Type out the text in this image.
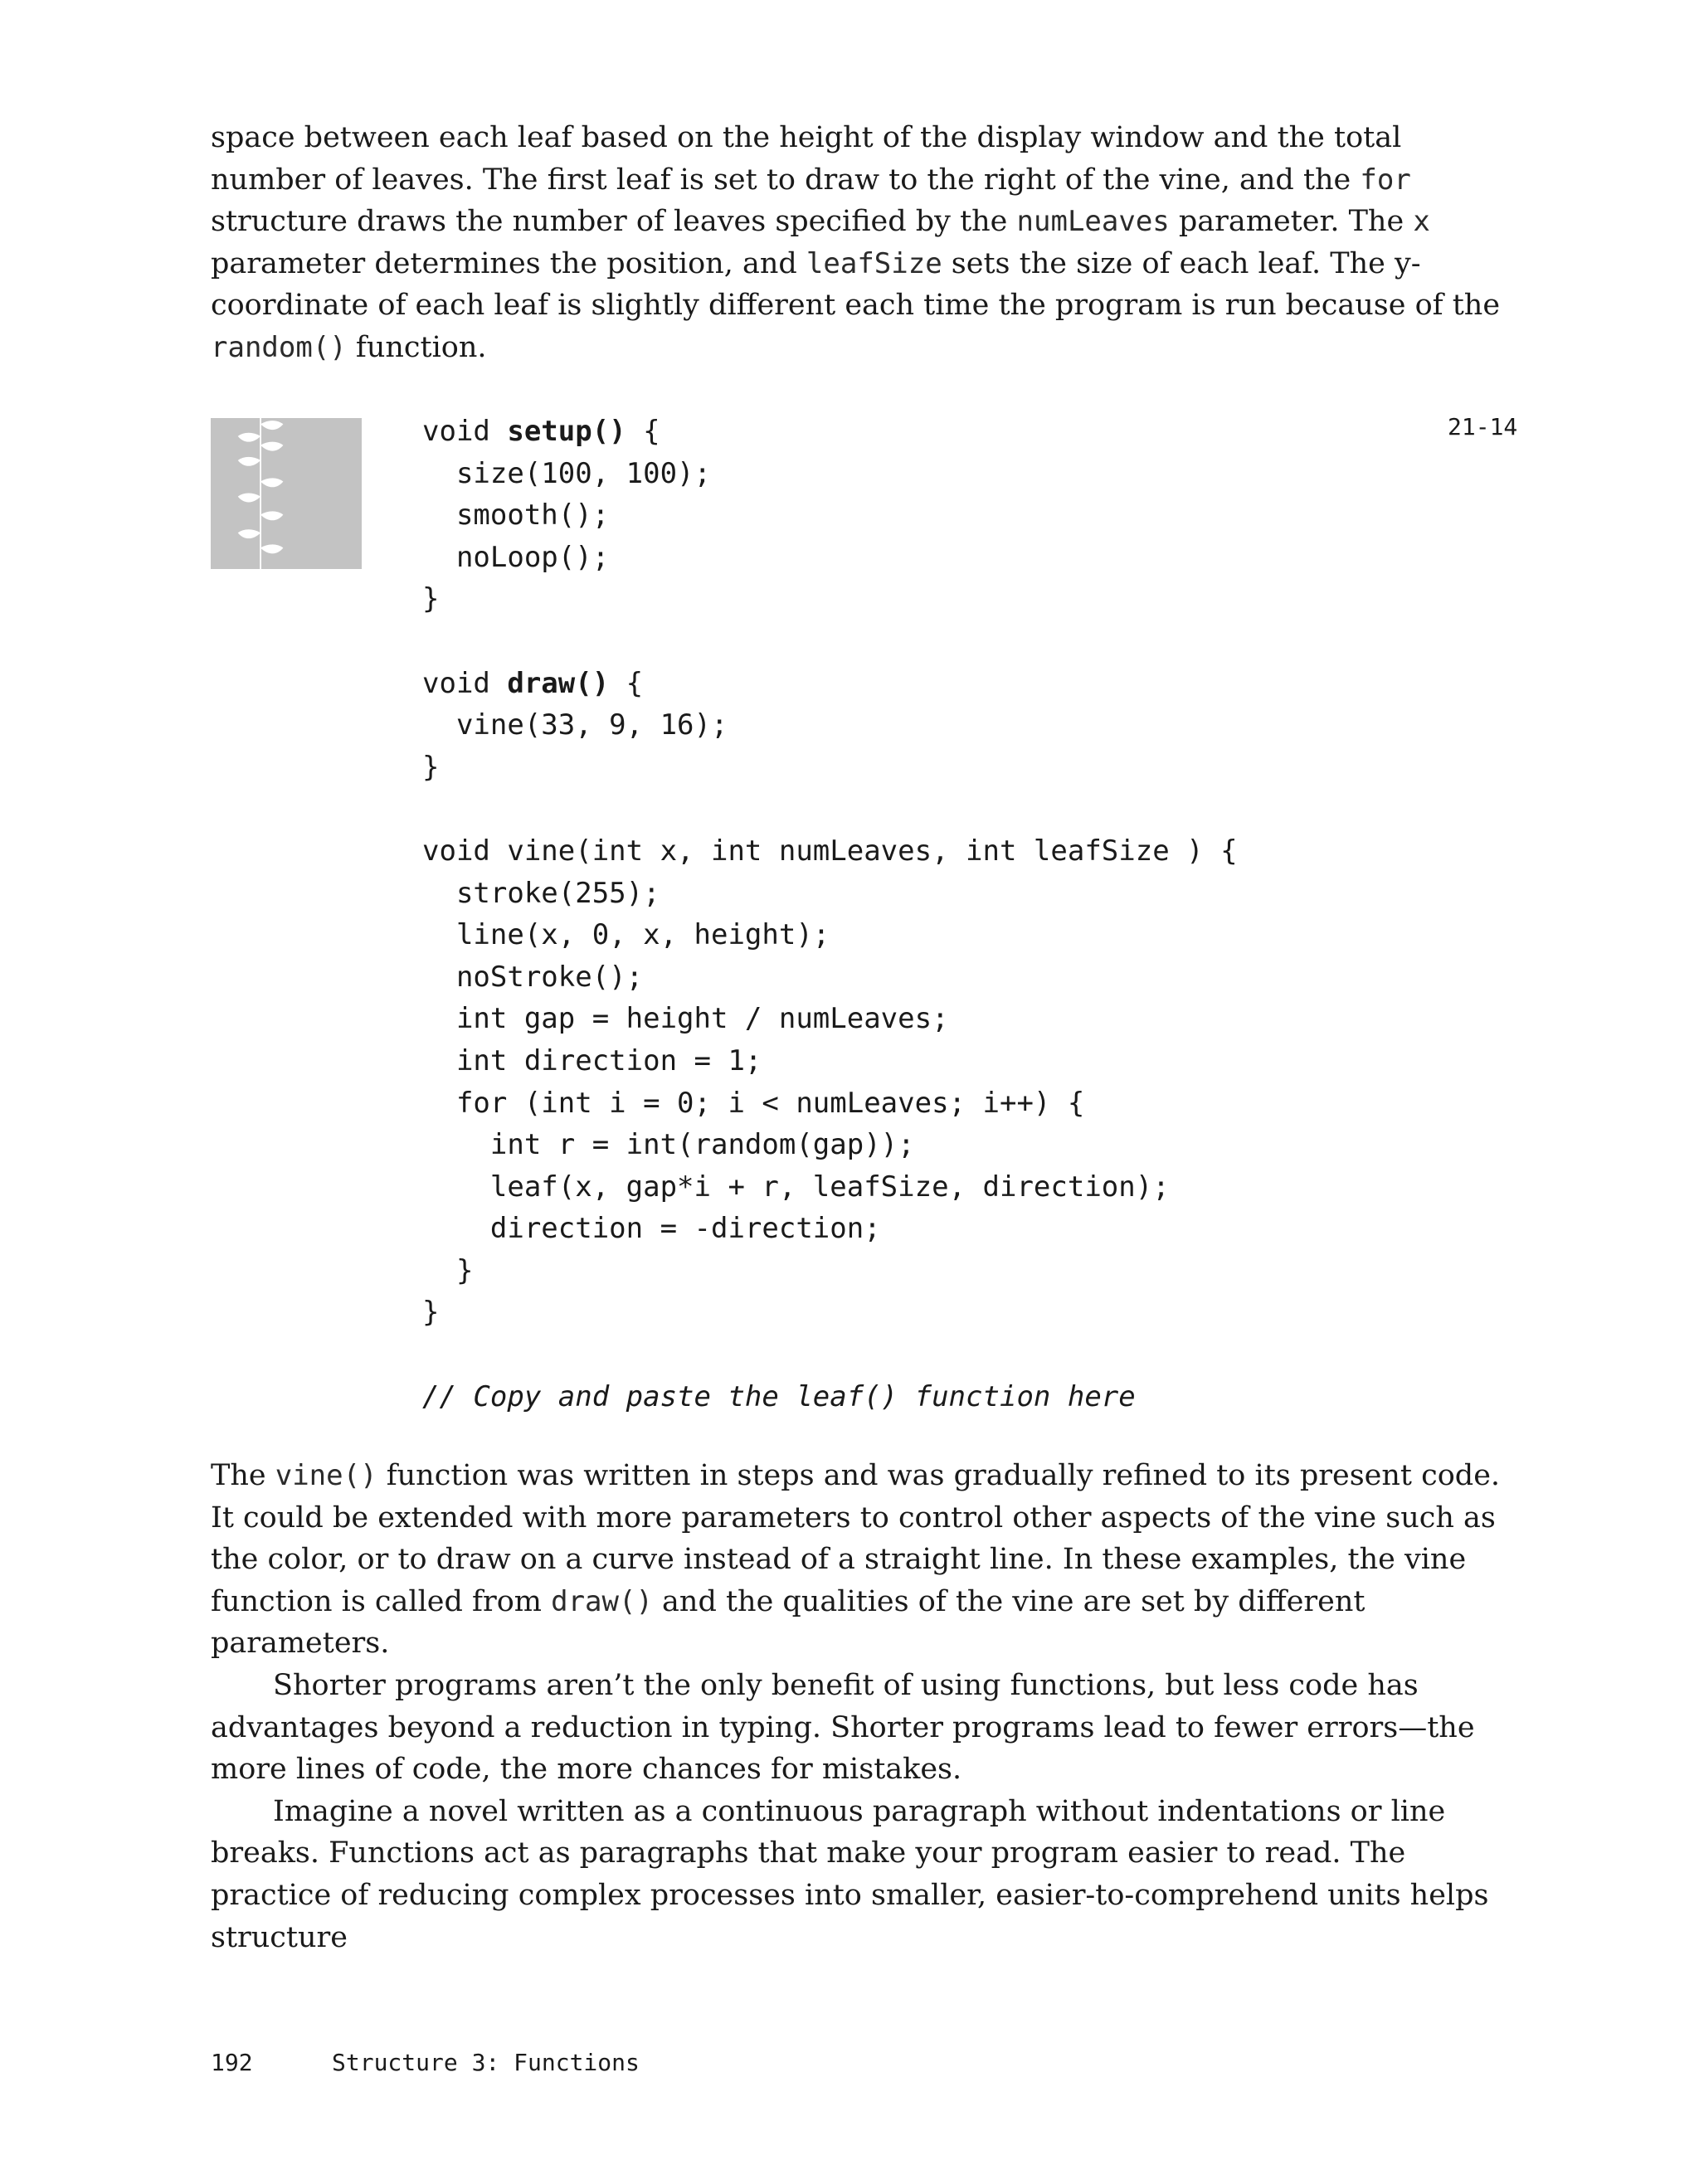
space between each leaf based on the height of the display window and the total number of leaves. The first leaf is set to draw to the right of the vine, and the for structure draws the number of leaves specified by the numLeaves parameter. The x parameter determines the position, and leafSize sets the size of each leaf. The y-coordinate of each leaf is slightly different each time the program is run because of the random() function.

void setup() {
size(100, 100);
smooth();
noLoop();
}
void draw() {
vine(33, 9, 16);
}
void vine(int x, int numLeaves, int leafSize ) {
stroke(255);
line(x, 0, x, height);
noStroke();
int gap = height / numLeaves;
int direction = 1;
for (int i = 0; i < numLeaves; i++) {
int r = int(random(gap));
leaf(x, gap*i + r, leafSize, direction);
direction = -direction;
}
}
// Copy and paste the leaf() function here
21-14

The vine() function was written in steps and was gradually refined to its present code. It could be extended with more parameters to control other aspects of the vine such as the color, or to draw on a curve instead of a straight line. In these examples, the vine function is called from draw() and the qualities of the vine are set by different parameters.

Shorter programs aren’t the only benefit of using functions, but less code has advantages beyond a reduction in typing. Shorter programs lead to fewer errors—the more lines of code, the more chances for mistakes.

Imagine a novel written as a continuous paragraph without indentations or line breaks. Functions act as paragraphs that make your program easier to read. The practice of reducing complex processes into smaller, easier-to-comprehend units helps structure

192	Structure 3: Functions
